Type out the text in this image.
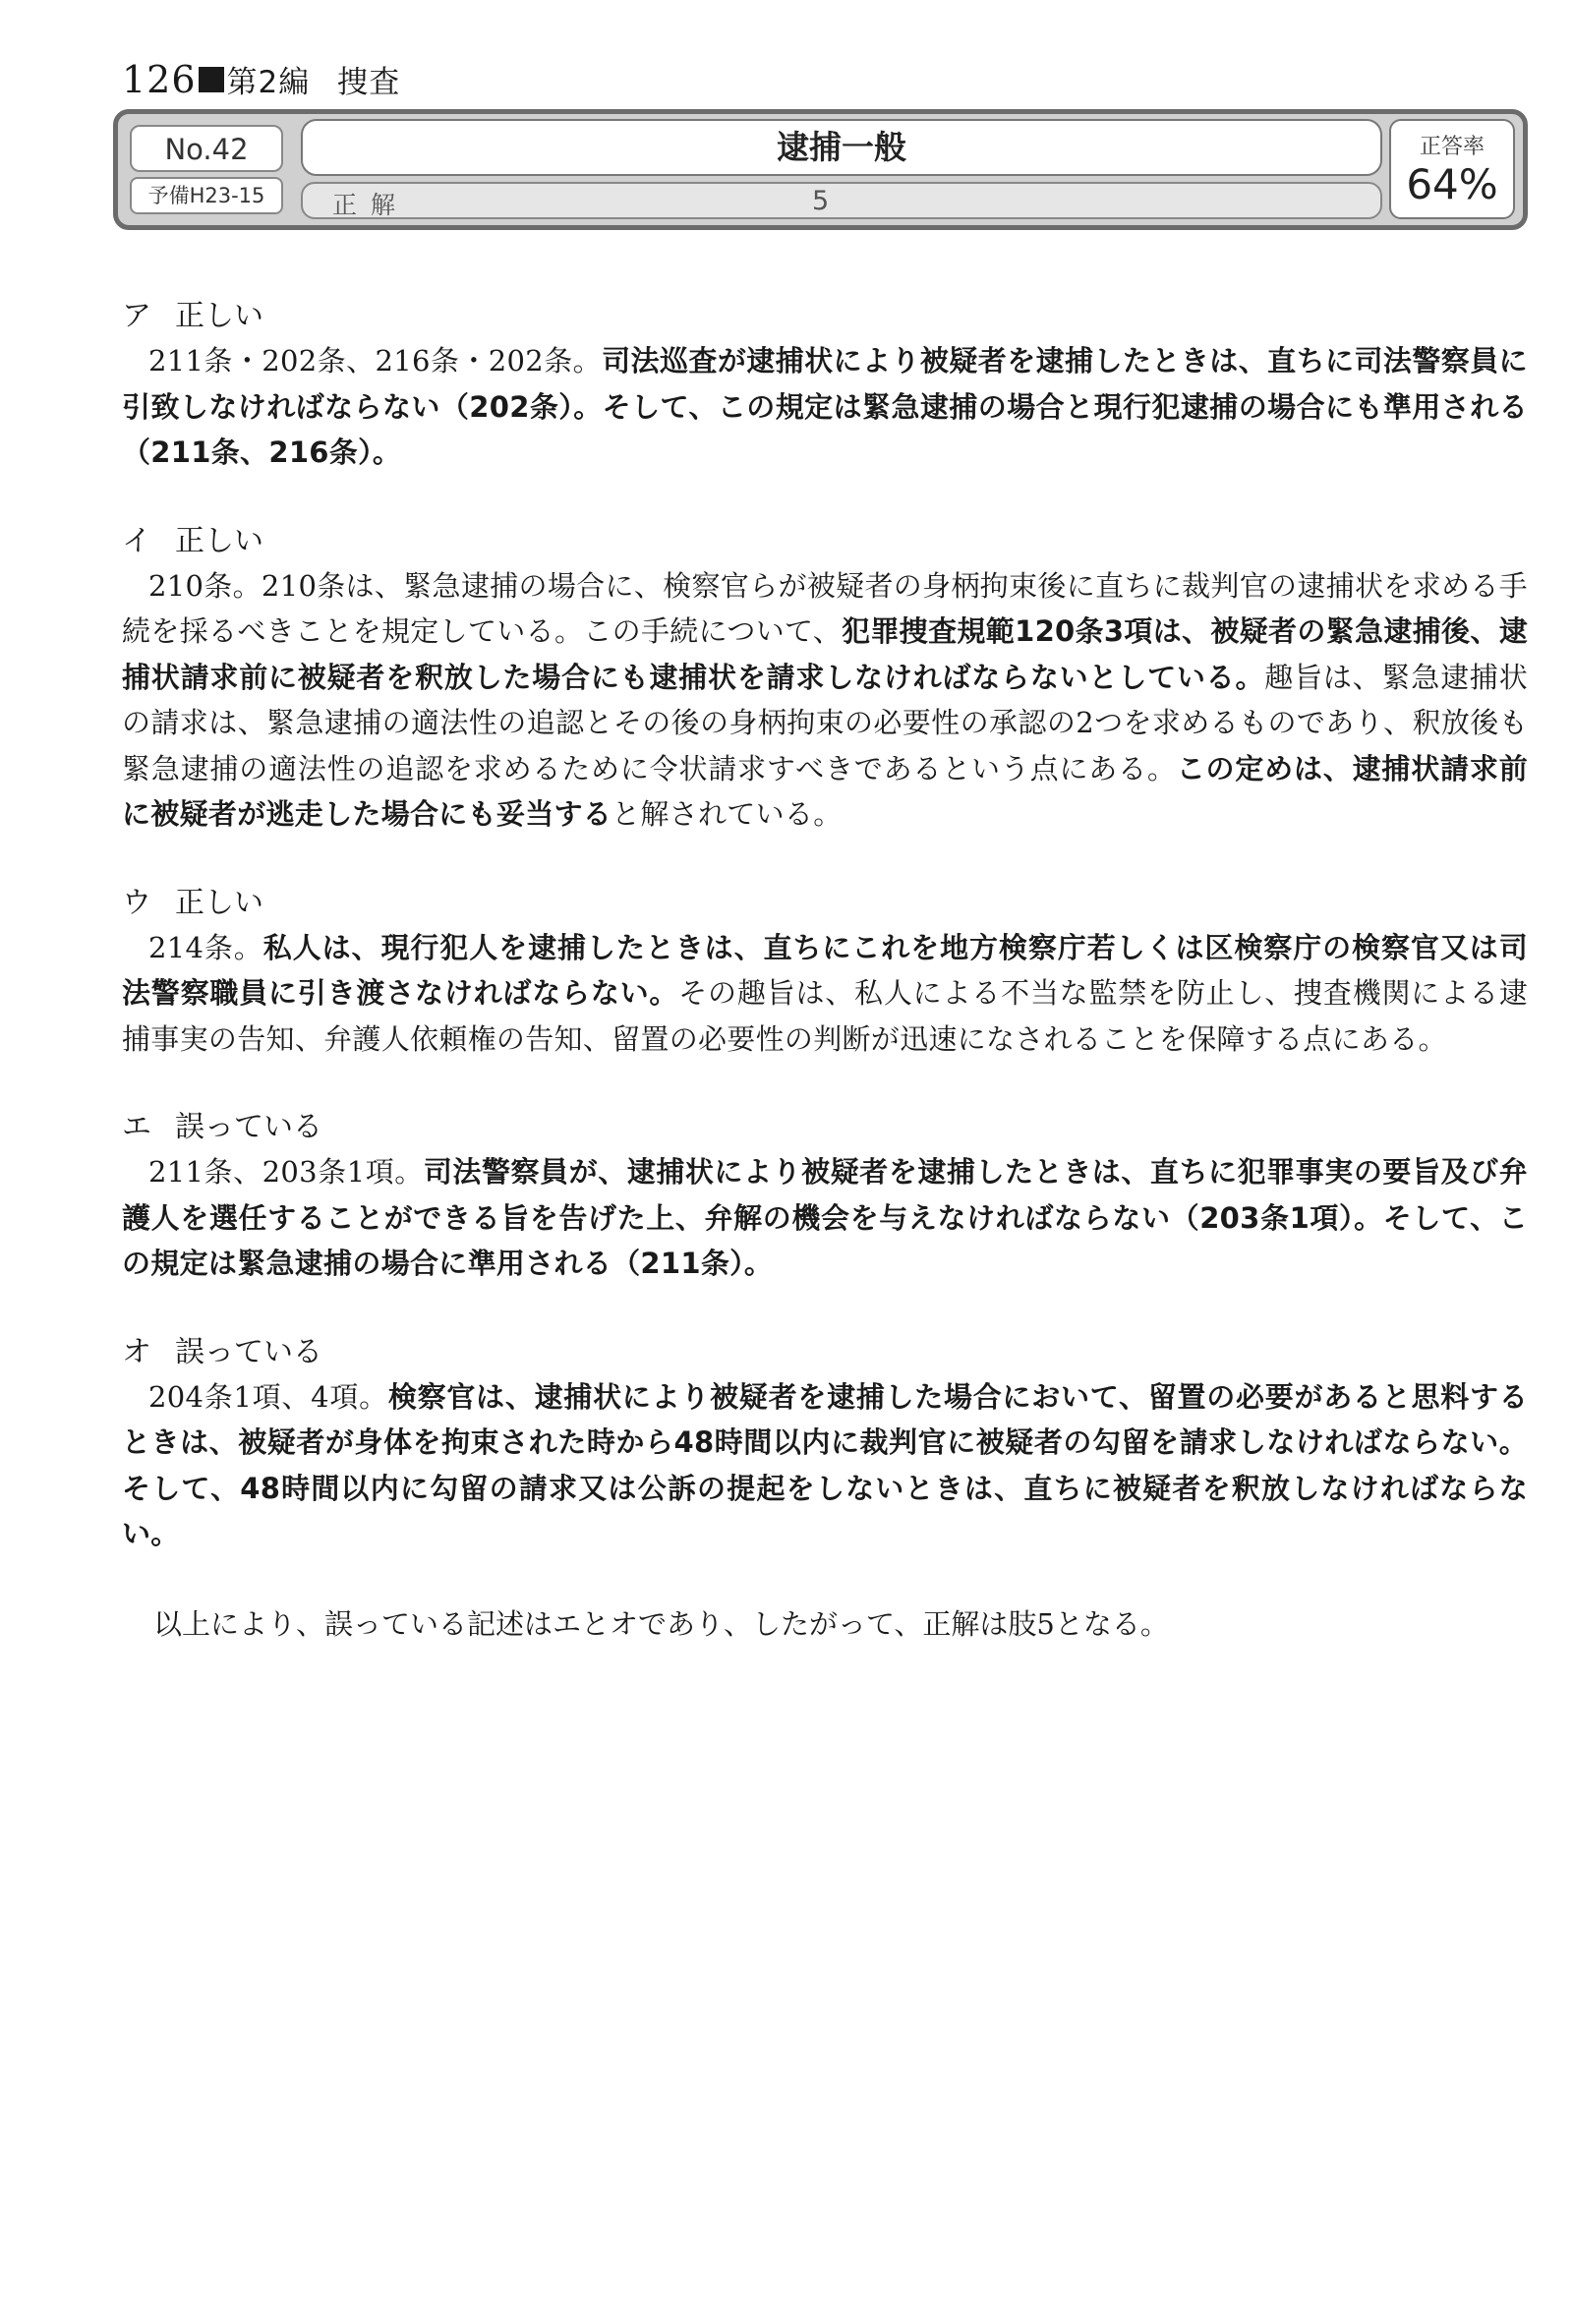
126 第2編 捜査
No.42
予備H23-15
逮捕一般
正解	5
正答率
64%
ア 正しい
211条・202条、216条・202条。司法巡査が逮捕状により被疑者を逮捕したときは、直ちに司法警察員に引致しなければならない（202条）。そして、この規定は緊急逮捕の場合と現行犯逮捕の場合にも準用される（211条、216条）。
イ 正しい
210条。210条は、緊急逮捕の場合に、検察官らが被疑者の身柄拘束後に直ちに裁判官の逮捕状を求める手続を採るべきことを規定している。この手続について、犯罪捜査規範120条3項は、被疑者の緊急逮捕後、逮捕状請求前に被疑者を釈放した場合にも逮捕状を請求しなければならないとしている。趣旨は、緊急逮捕状の請求は、緊急逮捕の適法性の追認とその後の身柄拘束の必要性の承認の2つを求めるものであり、釈放後も緊急逮捕の適法性の追認を求めるために令状請求すべきであるという点にある。この定めは、逮捕状請求前に被疑者が逃走した場合にも妥当すると解されている。
ウ 正しい
214条。私人は、現行犯人を逮捕したときは、直ちにこれを地方検察庁若しくは区検察庁の検察官又は司法警察職員に引き渡さなければならない。その趣旨は、私人による不当な監禁を防止し、捜査機関による逮捕事実の告知、弁護人依頼権の告知、留置の必要性の判断が迅速になされることを保障する点にある。
エ 誤っている
211条、203条1項。司法警察員が、逮捕状により被疑者を逮捕したときは、直ちに犯罪事実の要旨及び弁護人を選任することができる旨を告げた上、弁解の機会を与えなければならない（203条1項）。そして、この規定は緊急逮捕の場合に準用される（211条）。
オ 誤っている
204条1項、4項。検察官は、逮捕状により被疑者を逮捕した場合において、留置の必要があると思料するときは、被疑者が身体を拘束された時から48時間以内に裁判官に被疑者の勾留を請求しなければならない。そして、48時間以内に勾留の請求又は公訴の提起をしないときは、直ちに被疑者を釈放しなければならない。
以上により、誤っている記述はエとオであり、したがって、正解は肢5となる。
